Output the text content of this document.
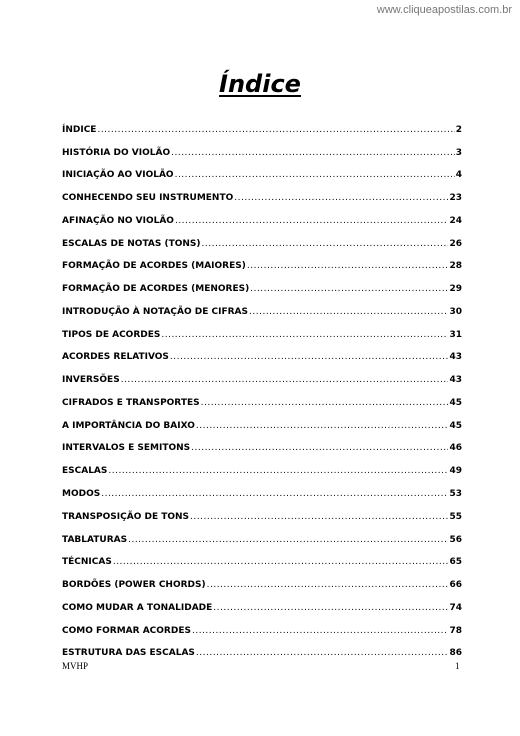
www.cliqueapostilas.com.br
Índice
ÍNDICE .....	2
HISTÓRIA DO VIOLÃO .....	3
INICIAÇÃO AO VIOLÃO .....	4
CONHECENDO SEU INSTRUMENTO .....	23
AFINAÇÃO NO VIOLÃO .....	24
ESCALAS DE NOTAS (TONS) .....	26
FORMAÇÃO DE ACORDES (MAIORES) .....	28
FORMAÇÃO DE ACORDES (MENORES) .....	29
INTRODUÇÃO À NOTAÇÃO DE CIFRAS .....	30
TIPOS DE ACORDES .....	31
ACORDES RELATIVOS .....	43
INVERSÕES .....	43
CIFRADOS E TRANSPORTES .....	45
A IMPORTÂNCIA DO BAIXO .....	45
INTERVALOS E SEMITONS .....	46
ESCALAS .....	49
MODOS .....	53
TRANSPOSIÇÃO DE TONS .....	55
TABLATURAS .....	56
TÉCNICAS .....	65
BORDÕES (POWER CHORDS) .....	66
COMO MUDAR A TONALIDADE .....	74
COMO FORMAR ACORDES .....	78
ESTRUTURA DAS ESCALAS .....	86
MVHP	1
